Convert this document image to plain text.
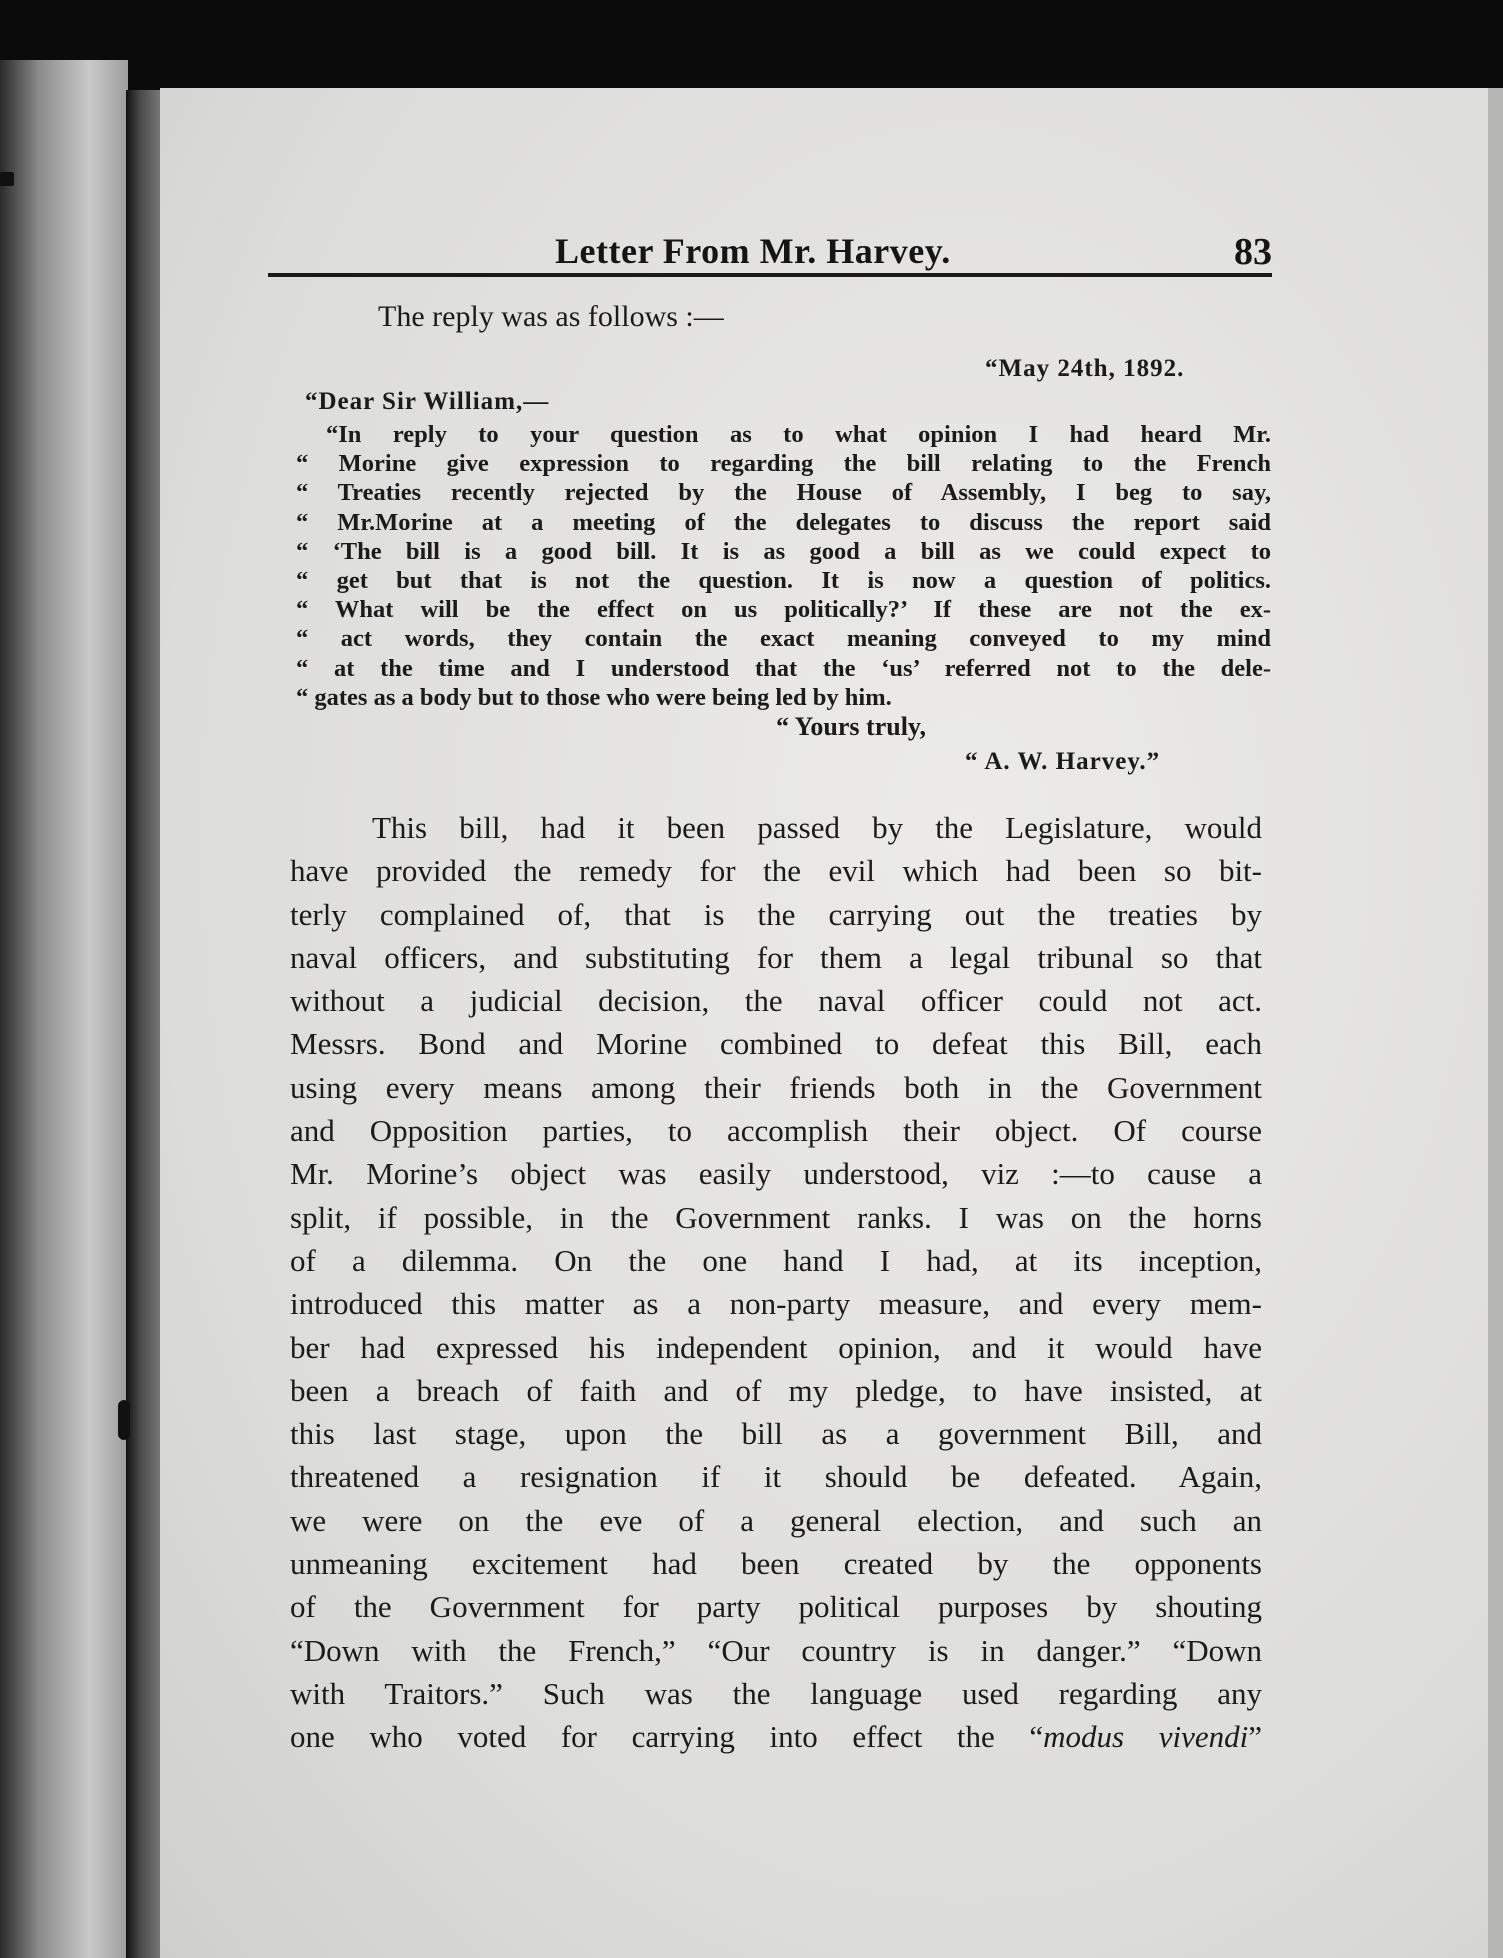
Letter From Mr. Harvey.	83
The reply was as follows :—
“May 24th, 1892.
“Dear Sir William,—
“In reply to your question as to what opinion I had heard Mr.
“ Morine give expression to regarding the bill relating to the French
“ Treaties recently rejected by the House of Assembly, I beg to say,
“ Mr.Morine at a meeting of the delegates to discuss the report said
“ ‘The bill is a good bill. It is as good a bill as we could expect to
“ get but that is not the question. It is now a question of politics.
“ What will be the effect on us politically?’ If these are not the ex-
“ act words, they contain the exact meaning conveyed to my mind
“ at the time and I understood that the ‘us’ referred not to the dele-
“ gates as a body but to those who were being led by him.
“ Yours truly,
“ A. W. Harvey.”
This bill, had it been passed by the Legislature, would
have provided the remedy for the evil which had been so bit-
terly complained of, that is the carrying out the treaties by
naval officers, and substituting for them a legal tribunal so that
without a judicial decision, the naval officer could not act.
Messrs. Bond and Morine combined to defeat this Bill, each
using every means among their friends both in the Government
and Opposition parties, to accomplish their object. Of course
Mr. Morine’s object was easily understood, viz :—to cause a
split, if possible, in the Government ranks. I was on the horns
of a dilemma. On the one hand I had, at its inception,
introduced this matter as a non-party measure, and every mem-
ber had expressed his independent opinion, and it would have
been a breach of faith and of my pledge, to have insisted, at
this last stage, upon the bill as a government Bill, and
threatened a resignation if it should be defeated. Again,
we were on the eve of a general election, and such an
unmeaning excitement had been created by the opponents
of the Government for party political purposes by shouting
“Down with the French,” “Our country is in danger.” “Down
with Traitors.” Such was the language used regarding any
one who voted for carrying into effect the “modus vivendi”
